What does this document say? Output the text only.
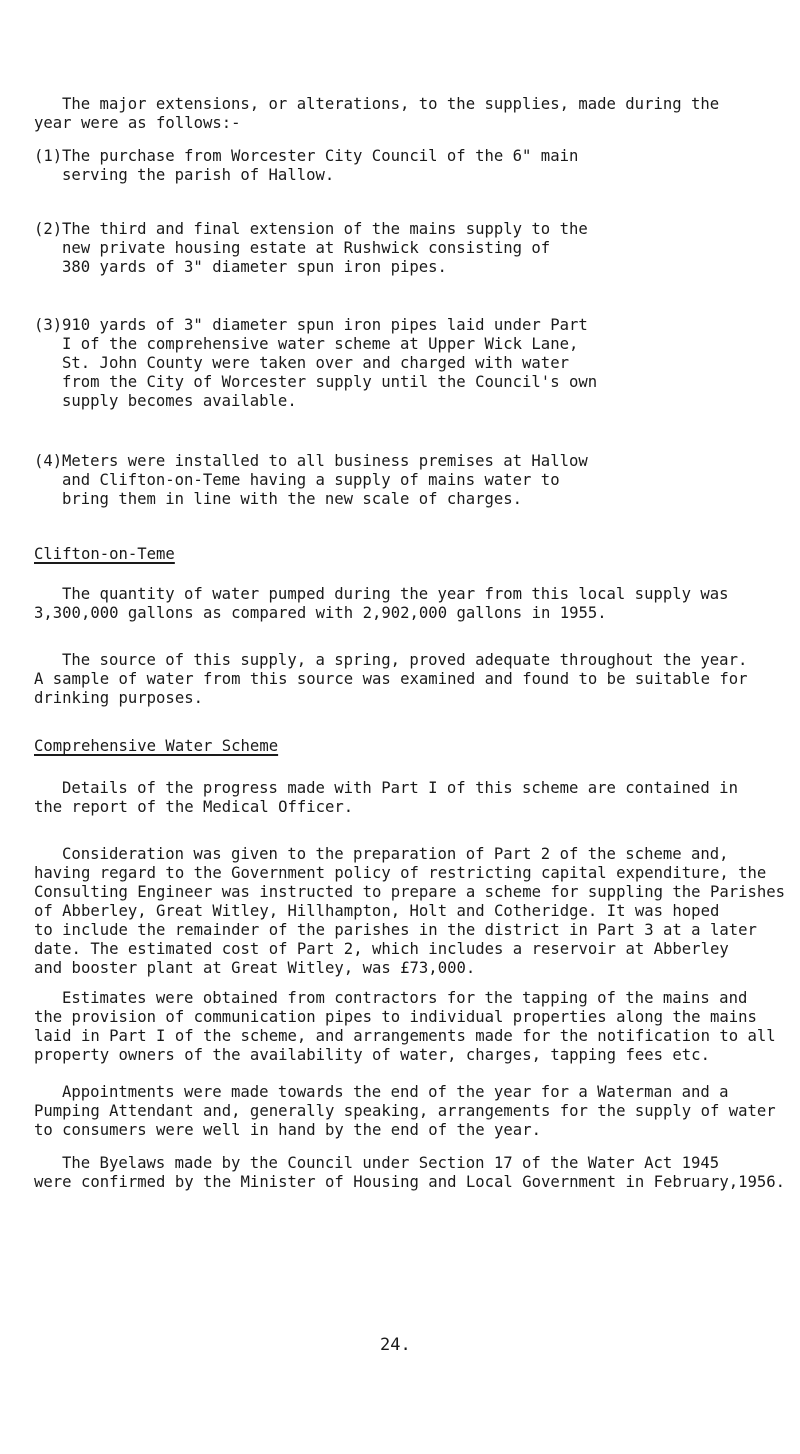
The major extensions, or alterations, to the supplies, made during the
year were as follows:-

(1) The purchase from Worcester City Council of the 6" main
serving the parish of Hallow.
(2) The third and final extension of the mains supply to the
new private housing estate at Rushwick consisting of
380 yards of 3" diameter spun iron pipes.
(3) 910 yards of 3" diameter spun iron pipes laid under Part
I of the comprehensive water scheme at Upper Wick Lane,
St. John County were taken over and charged with water
from the City of Worcester supply until the Council's own
supply becomes available.
(4) Meters were installed to all business premises at Hallow
and Clifton-on-Teme having a supply of mains water to
bring them in line with the new scale of charges.

Clifton-on-Teme

The quantity of water pumped during the year from this local supply was
3,300,000 gallons as compared with 2,902,000 gallons in 1955.

The source of this supply, a spring, proved adequate throughout the year.
A sample of water from this source was examined and found to be suitable for
drinking purposes.

Comprehensive Water Scheme

Details of the progress made with Part I of this scheme are contained in
the report of the Medical Officer.

Consideration was given to the preparation of Part 2 of the scheme and,
having regard to the Government policy of restricting capital expenditure, the
Consulting Engineer was instructed to prepare a scheme for suppling the Parishes
of Abberley, Great Witley, Hillhampton, Holt and Cotheridge. It was hoped
to include the remainder of the parishes in the district in Part 3 at a later
date. The estimated cost of Part 2, which includes a reservoir at Abberley
and booster plant at Great Witley, was £73,000.

Estimates were obtained from contractors for the tapping of the mains and
the provision of communication pipes to individual properties along the mains
laid in Part I of the scheme, and arrangements made for the notification to all
property owners of the availability of water, charges, tapping fees etc.

Appointments were made towards the end of the year for a Waterman and a
Pumping Attendant and, generally speaking, arrangements for the supply of water
to consumers were well in hand by the end of the year.

The Byelaws made by the Council under Section 17 of the Water Act 1945
were confirmed by the Minister of Housing and Local Government in February,1956.

24.
